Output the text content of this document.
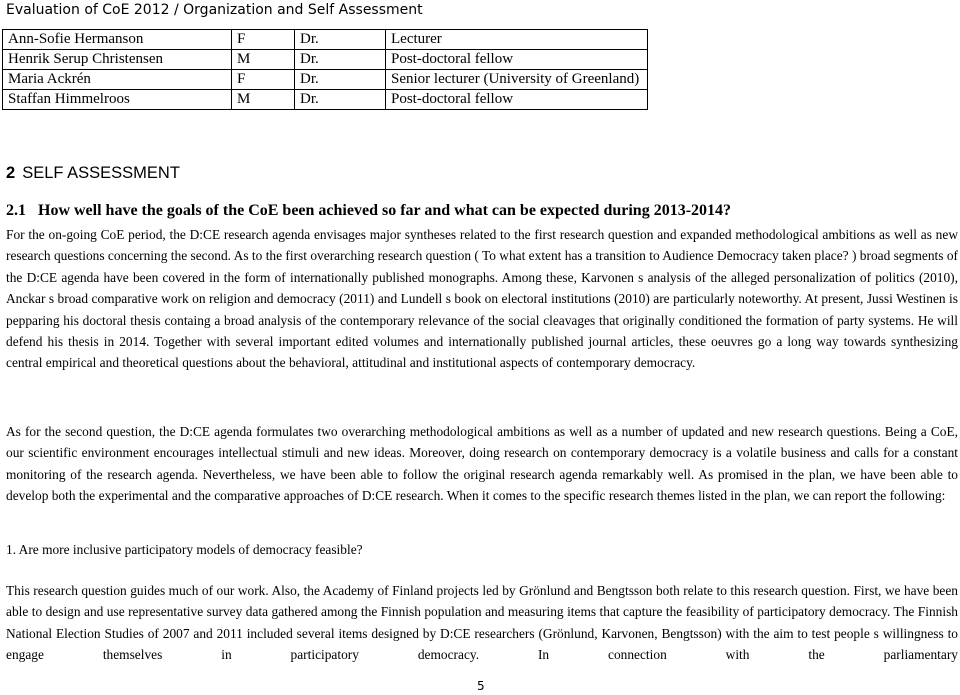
Evaluation of CoE 2012 / Organization and Self Assessment
Ann-Sofie Hermanson	F	Dr.	Lecturer
Henrik Serup Christensen	M	Dr.	Post-doctoral fellow
Maria Ackrén	F	Dr.	Senior lecturer (University of Greenland)
Staffan Himmelroos	M	Dr.	Post-doctoral fellow
2 SELF ASSESSMENT
2.1 How well have the goals of the CoE been achieved so far and what can be expected during 2013-2014?

For the on-going CoE period, the D:CE research agenda envisages major syntheses related to the first research question and expanded methodological ambitions as well as new research questions concerning the second. As to the first overarching research question ( To what extent has a transition to Audience Democracy taken place? ) broad segments of the D:CE agenda have been covered in the form of internationally published monographs. Among these, Karvonen s analysis of the alleged personalization of politics (2010), Anckar s broad comparative work on religion and democracy (2011) and Lundell s book on electoral institutions (2010) are particularly noteworthy. At present, Jussi Westinen is pepparing his doctoral thesis containg a broad analysis of the contemporary relevance of the social cleavages that originally conditioned the formation of party systems. He will defend his thesis in 2014. Together with several important edited volumes and internationally published journal articles, these oeuvres go a long way towards synthesizing central empirical and theoretical questions about the behavioral, attitudinal and institutional aspects of contemporary democracy.

As for the second question, the D:CE agenda formulates two overarching methodological ambitions as well as a number of updated and new research questions. Being a CoE, our scientific environment encourages intellectual stimuli and new ideas. Moreover, doing research on contemporary democracy is a volatile business and calls for a constant monitoring of the research agenda. Nevertheless, we have been able to follow the original research agenda remarkably well. As promised in the plan, we have been able to develop both the experimental and the comparative approaches of D:CE research. When it comes to the specific research themes listed in the plan, we can report the following:

1. Are more inclusive participatory models of democracy feasible?

This research question guides much of our work. Also, the Academy of Finland projects led by Grönlund and Bengtsson both relate to this research question. First, we have been able to design and use representative survey data gathered among the Finnish population and measuring items that capture the feasibility of participatory democracy. The Finnish National Election Studies of 2007 and 2011 included several items designed by D:CE researchers (Grönlund, Karvonen, Bengtsson) with the aim to test people s willingness to engage themselves in participatory democracy. In connection with the parliamentary

5
